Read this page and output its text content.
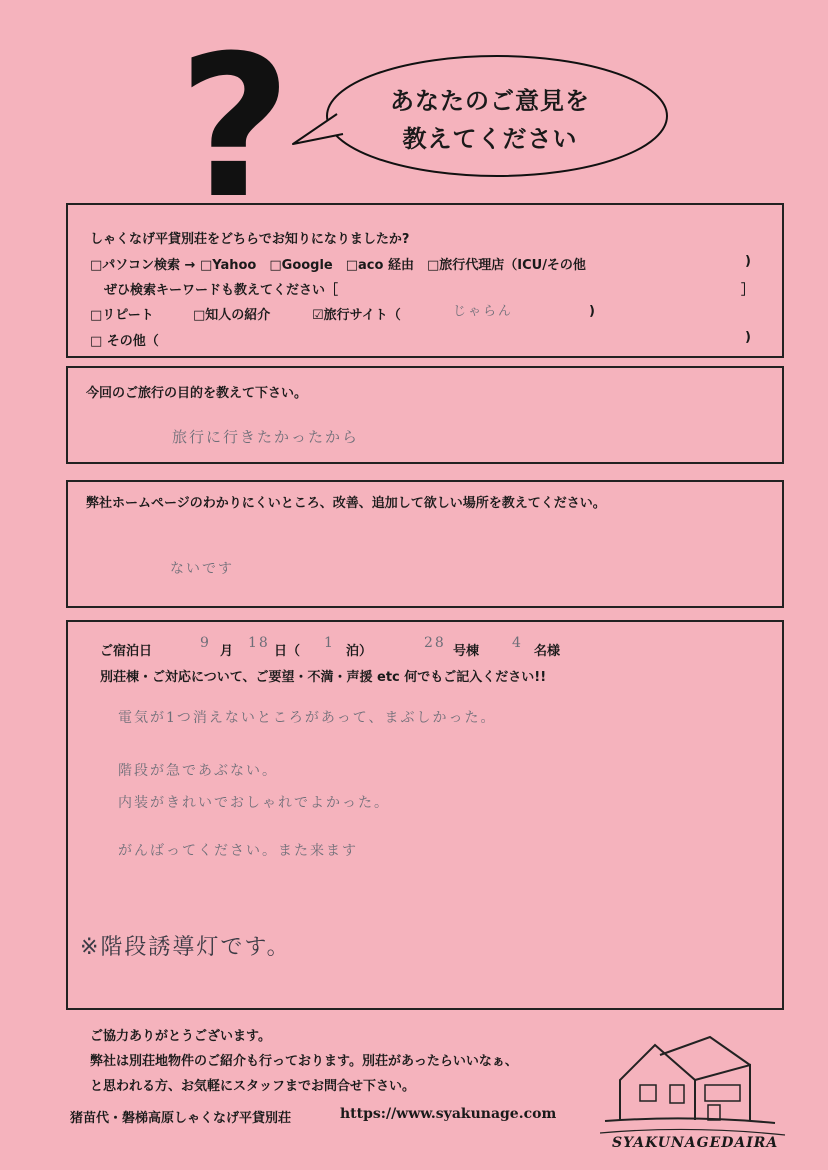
?	あなたのご意見を
教えてください
しゃくなげ平貸別荘をどちらでお知りになりましたか?
□パソコン検索 → □Yahoo　□Google　□aco 経由　□旅行代理店（ICU/その他	)
ぜひ検索キーワードも教えてください［	］
□リピート	□知人の紹介	☑旅行サイト（	じゃらん	)
□ その他（	)
今回のご旅行の目的を教えて下さい。
旅行に行きたかったから
弊社ホームページのわかりにくいところ、改善、追加して欲しい場所を教えてください。
ないです
ご宿泊日
9
月
18
日（
1
泊）
28
号棟
4
名様
別荘棟・ご対応について、ご要望・不満・声援 etc 何でもご記入ください!!
電気が1つ消えないところがあって、まぶしかった。
階段が急であぶない。
内装がきれいでおしゃれでよかった。
がんばってください。また来ます
※階段誘導灯です。
ご協力ありがとうございます。
弊社は別荘地物件のご紹介も行っております。別荘があったらいいなぁ、
と思われる方、お気軽にスタッフまでお問合せ下さい。
猪苗代・磐梯高原しゃくなげ平貸別荘	https://www.syakunage.com
SYAKUNAGEDAIRA
